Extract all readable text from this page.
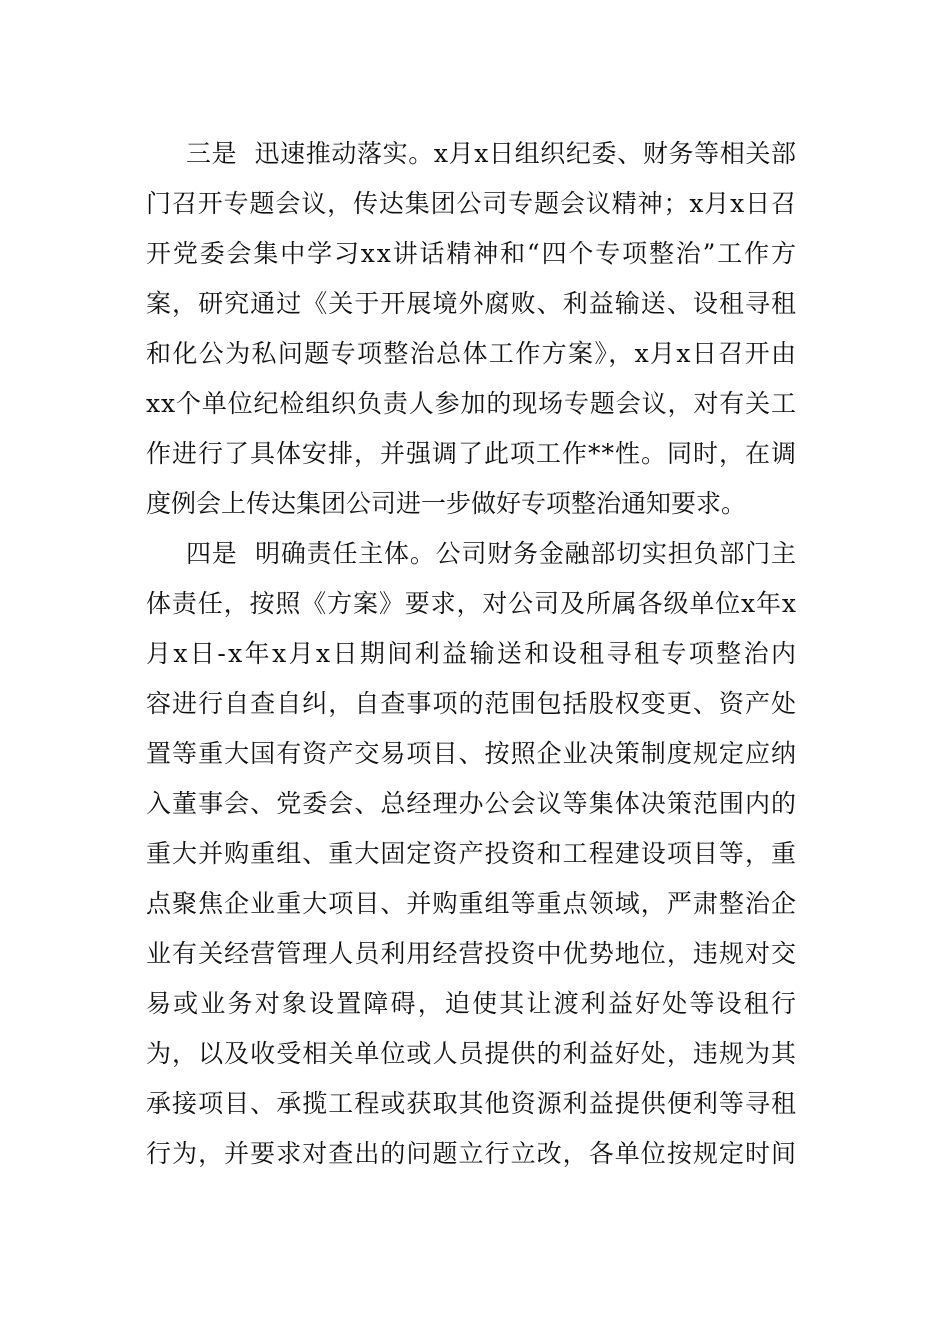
三是  迅速推动落实。x月x日组织纪委、财务等相关部
门召开专题会议，传达集团公司专题会议精神；x月x日召
开党委会集中学习xx讲话精神和“四个专项整治”工作方
案，研究通过《关于开展境外腐败、利益输送、设租寻租
和化公为私问题专项整治总体工作方案》，x月x日召开由
xx个单位纪检组织负责人参加的现场专题会议，对有关工
作进行了具体安排，并强调了此项工作**性。同时，在调
度例会上传达集团公司进一步做好专项整治通知要求。
四是  明确责任主体。公司财务金融部切实担负部门主
体责任，按照《方案》要求，对公司及所属各级单位x年x
月x日-x年x月x日期间利益输送和设租寻租专项整治内
容进行自查自纠，自查事项的范围包括股权变更、资产处
置等重大国有资产交易项目、按照企业决策制度规定应纳
入董事会、党委会、总经理办公会议等集体决策范围内的
重大并购重组、重大固定资产投资和工程建设项目等，重
点聚焦企业重大项目、并购重组等重点领域，严肃整治企
业有关经营管理人员利用经营投资中优势地位，违规对交
易或业务对象设置障碍，迫使其让渡利益好处等设租行
为，以及收受相关单位或人员提供的利益好处，违规为其
承接项目、承揽工程或获取其他资源利益提供便利等寻租
行为，并要求对查出的问题立行立改，各单位按规定时间
